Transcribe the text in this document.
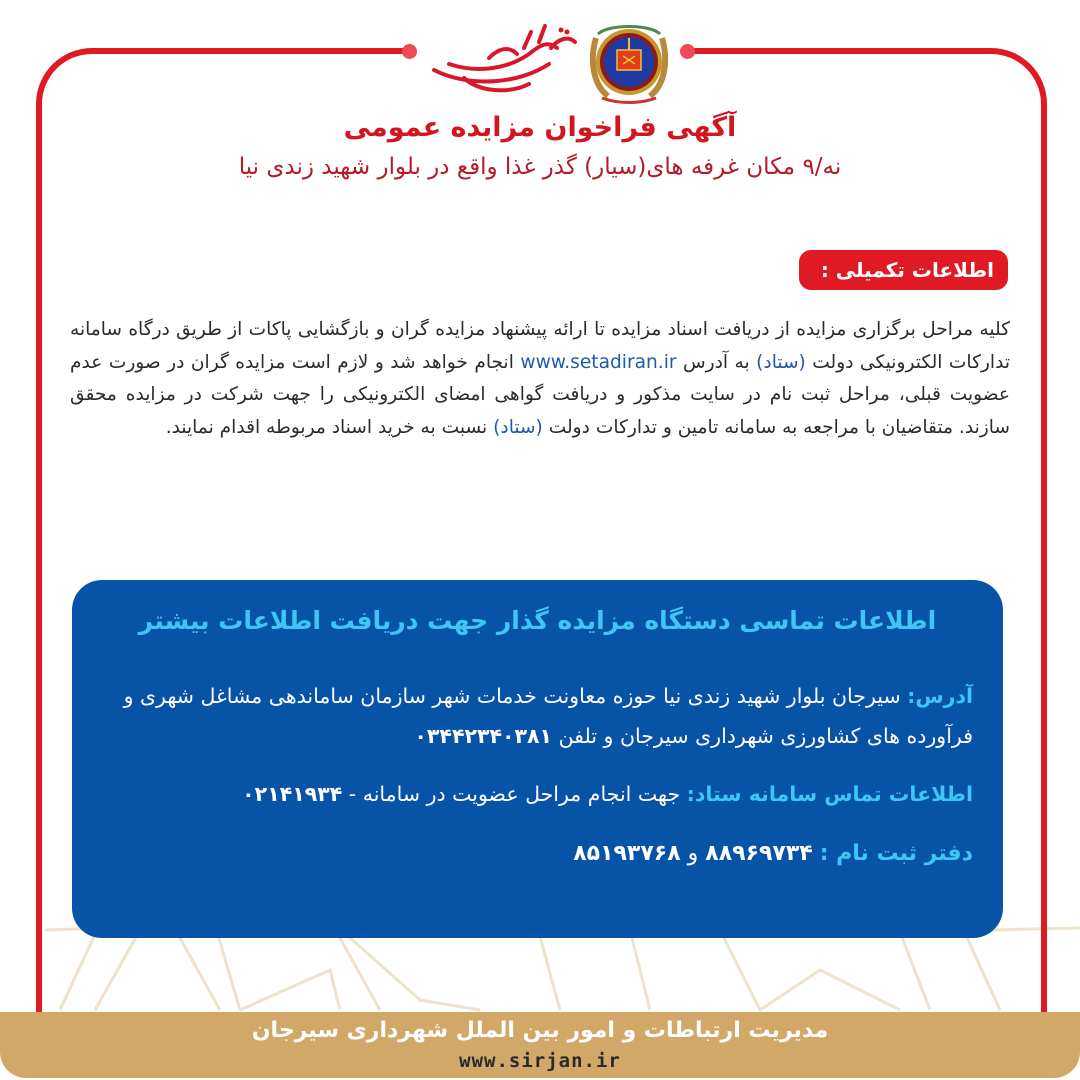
آگهی فراخوان مزایده عمومی
نه/۹ مکان غرفه های(سیار) گذر غذا واقع در بلوار شهید زندی نیا
اطلاعات تکمیلی :
کلیه مراحل برگزاری مزایده از دریافت اسناد مزایده تا ارائه پیشنهاد مزایده گران و بازگشایی پاکات از طریق درگاه سامانه تدارکات الکترونیکی دولت (ستاد) به آدرس www.setadiran.ir انجام خواهد شد و لازم است مزایده گران در صورت عدم عضویت قبلی، مراحل ثبت نام در سایت مذکور و دریافت گواهی امضای الکترونیکی را جهت شرکت در مزایده محقق سازند. متقاضیان با مراجعه به سامانه تامین و تدارکات دولت (ستاد) نسبت به خرید اسناد مربوطه اقدام نمایند.
اطلاعات تماسی دستگاه مزایده گذار جهت دریافت اطلاعات بیشتر
آدرس: سیرجان بلوار شهید زندی نیا حوزه معاونت خدمات شهر سازمان ساماندهی مشاغل شهری و فرآورده های کشاورزی شهرداری سیرجان و تلفن ۰۳۴۴۲۳۴۰۳۸۱
اطلاعات تماس سامانه ستاد: جهت انجام مراحل عضویت در سامانه - ۰۲۱۴۱۹۳۴
دفتر ثبت نام : ۸۸۹۶۹۷۳۴ و ۸۵۱۹۳۷۶۸
مدیریت ارتباطات و امور بین الملل شهرداری سیرجان
www.sirjan.ir
